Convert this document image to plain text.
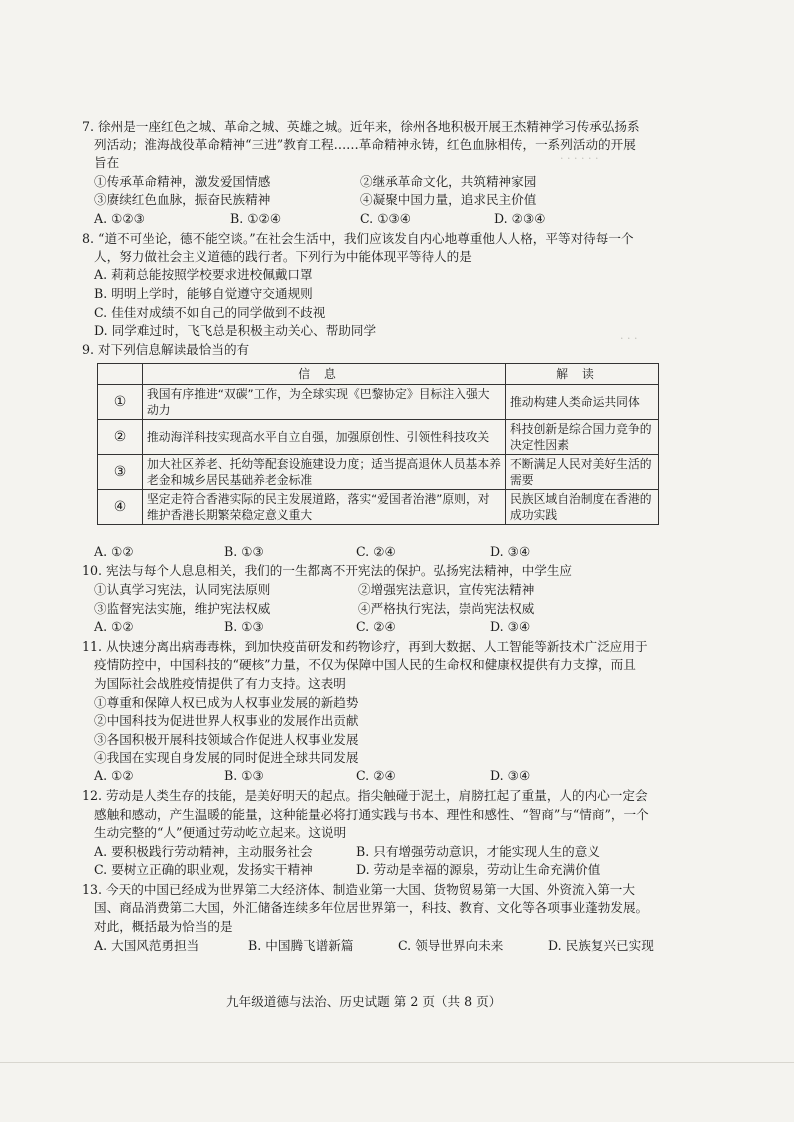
· · · · · ·
· · ·
7. 徐州是一座红色之城、革命之城、英雄之城。近年来，徐州各地积极开展王杰精神学习传承弘扬系
列活动；淮海战役革命精神“三进”教育工程……革命精神永铸，红色血脉相传，一系列活动的开展
旨在
①传承革命精神，激发爱国情感	②继承革命文化，共筑精神家园
③赓续红色血脉，振奋民族精神	④凝聚中国力量，追求民主价值
A. ①②③	B. ①②④	C. ①③④	D. ②③④
8. “道不可坐论，德不能空谈。”在社会生活中，我们应该发自内心地尊重他人人格，平等对待每一个
人，努力做社会主义道德的践行者。下列行为中能体现平等待人的是
A. 莉莉总能按照学校要求进校佩戴口罩
B. 明明上学时，能够自觉遵守交通规则
C. 佳佳对成绩不如自己的同学做到不歧视
D. 同学难过时，飞飞总是积极主动关心、帮助同学
9. 对下列信息解读最恰当的有
	信息	解读
①	我国有序推进“双碳”工作，为全球实现《巴黎协定》目标注入强大动力	推动构建人类命运共同体
②	推动海洋科技实现高水平自立自强，加强原创性、引领性科技攻关	科技创新是综合国力竞争的决定性因素
③	加大社区养老、托幼等配套设施建设力度；适当提高退休人员基本养老金和城乡居民基础养老金标准	不断满足人民对美好生活的需要
④	坚定走符合香港实际的民主发展道路，落实“爱国者治港”原则，对维护香港长期繁荣稳定意义重大	民族区域自治制度在香港的成功实践
A. ①②	B. ①③	C. ②④	D. ③④
10. 宪法与每个人息息相关，我们的一生都离不开宪法的保护。弘扬宪法精神，中学生应
①认真学习宪法，认同宪法原则	②增强宪法意识，宣传宪法精神
③监督宪法实施，维护宪法权威	④严格执行宪法，崇尚宪法权威
A. ①②	B. ①③	C. ②④	D. ③④
11. 从快速分离出病毒毒株，到加快疫苗研发和药物诊疗，再到大数据、人工智能等新技术广泛应用于
疫情防控中，中国科技的“硬核”力量，不仅为保障中国人民的生命权和健康权提供有力支撑，而且
为国际社会战胜疫情提供了有力支持。这表明
①尊重和保障人权已成为人权事业发展的新趋势
②中国科技为促进世界人权事业的发展作出贡献
③各国积极开展科技领域合作促进人权事业发展
④我国在实现自身发展的同时促进全球共同发展
A. ①②	B. ①③	C. ②④	D. ③④
12. 劳动是人类生存的技能，是美好明天的起点。指尖触碰于泥土，肩膀扛起了重量，人的内心一定会
感触和感动，产生温暖的能量，这种能量必将打通实践与书本、理性和感性、“智商”与“情商”，一个
生动完整的“人”便通过劳动屹立起来。这说明
A. 要积极践行劳动精神，主动服务社会	B. 只有增强劳动意识，才能实现人生的意义
C. 要树立正确的职业观，发扬实干精神	D. 劳动是幸福的源泉，劳动让生命充满价值
13. 今天的中国已经成为世界第二大经济体、制造业第一大国、货物贸易第一大国、外资流入第一大
国、商品消费第二大国，外汇储备连续多年位居世界第一，科技、教育、文化等各项事业蓬勃发展。
对此，概括最为恰当的是
A. 大国风范勇担当	B. 中国腾飞谱新篇	C. 领导世界向未来	D. 民族复兴已实现
九年级道德与法治、历史试题 第 2 页（共 8 页）
